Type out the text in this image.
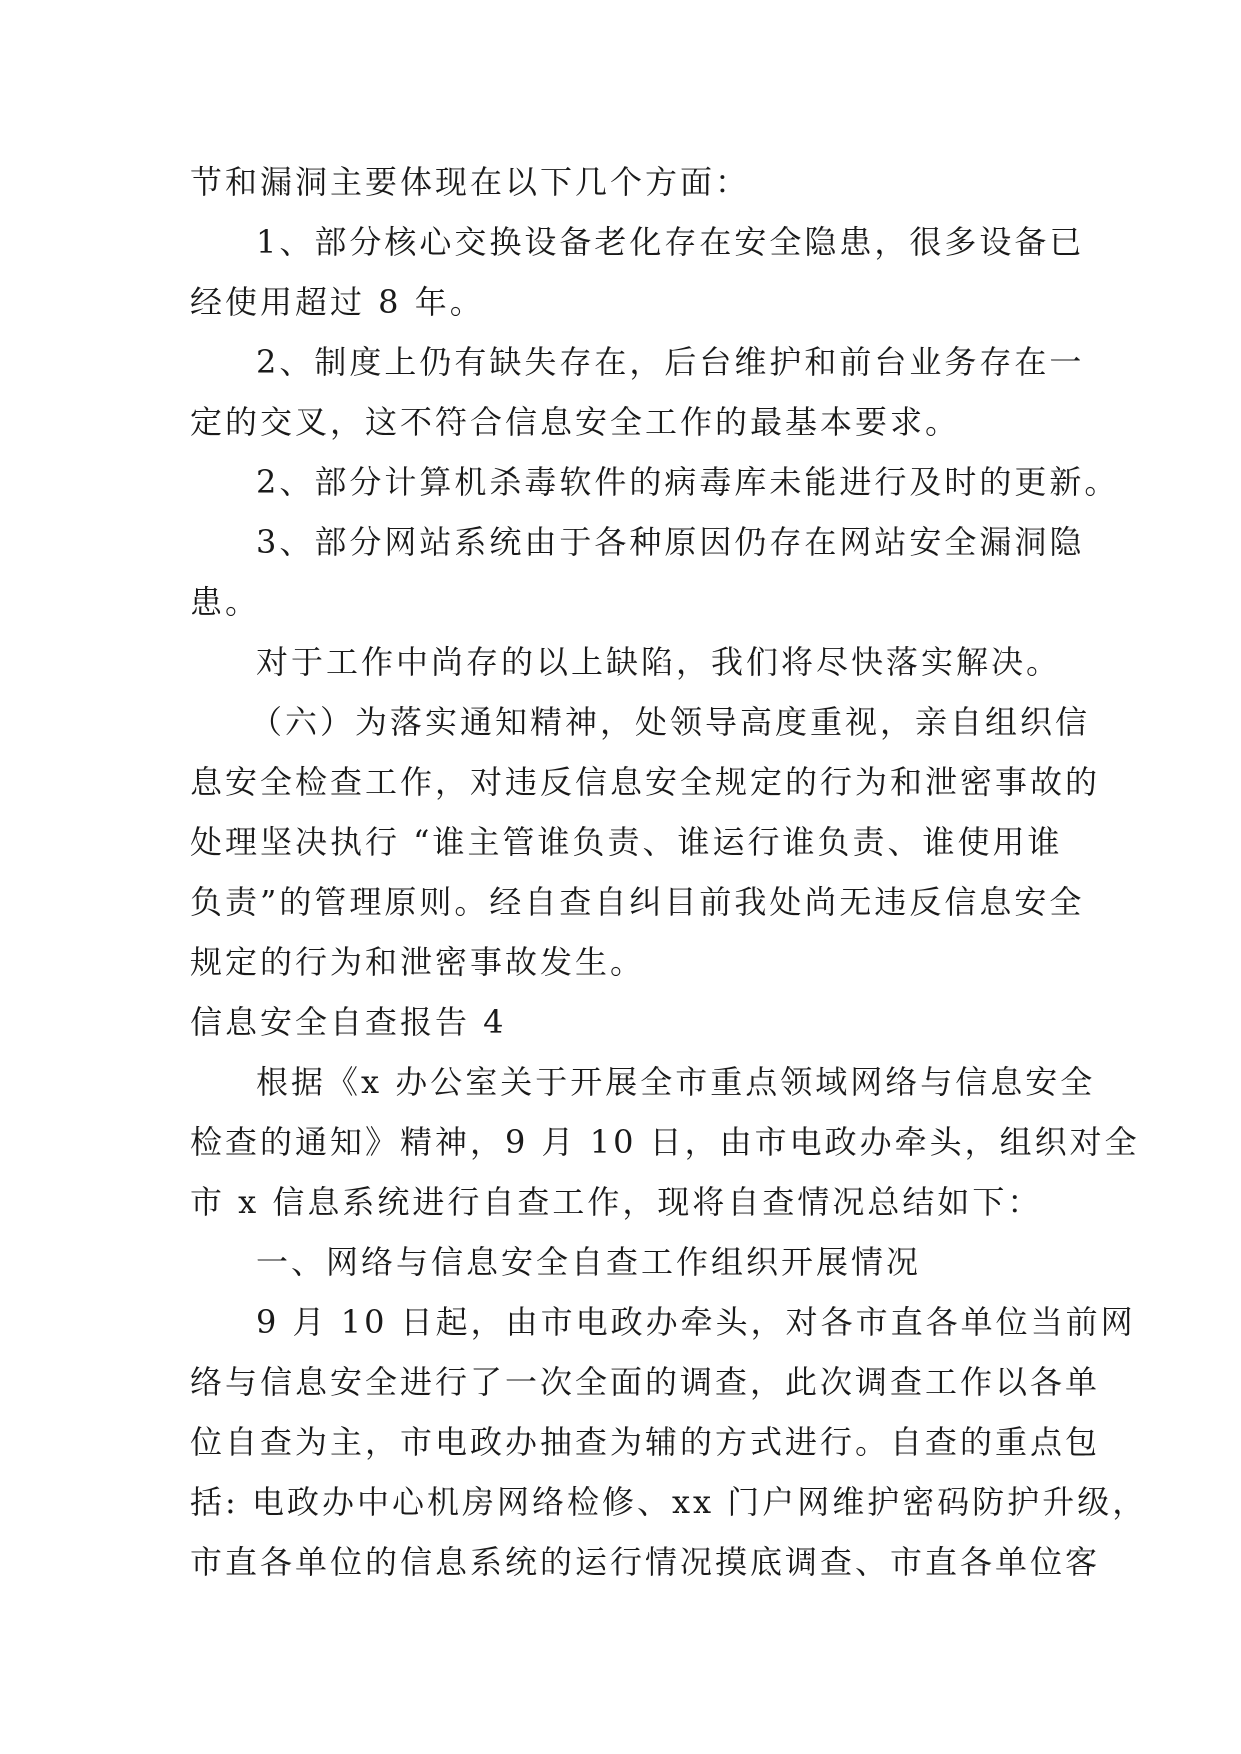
节和漏洞主要体现在以下几个方面：
1、部分核心交换设备老化存在安全隐患，很多设备已
经使用超过 8 年。
2、制度上仍有缺失存在，后台维护和前台业务存在一
定的交叉，这不符合信息安全工作的最基本要求。
2、部分计算机杀毒软件的病毒库未能进行及时的更新。
3、部分网站系统由于各种原因仍存在网站安全漏洞隐
患。
对于工作中尚存的以上缺陷，我们将尽快落实解决。
（六）为落实通知精神，处领导高度重视，亲自组织信
息安全检查工作，对违反信息安全规定的行为和泄密事故的
处理坚决执行 “谁主管谁负责、谁运行谁负责、谁使用谁
负责”的管理原则。经自查自纠目前我处尚无违反信息安全
规定的行为和泄密事故发生。
信息安全自查报告 4
根据《x 办公室关于开展全市重点领域网络与信息安全
检查的通知》精神，9 月 10 日，由市电政办牵头，组织对全
市 x 信息系统进行自查工作，现将自查情况总结如下：
一、网络与信息安全自查工作组织开展情况
9 月 10 日起，由市电政办牵头，对各市直各单位当前网
络与信息安全进行了一次全面的调查，此次调查工作以各单
位自查为主，市电政办抽查为辅的方式进行。自查的重点包
括: 电政办中心机房网络检修、xx 门户网维护密码防护升级，
市直各单位的信息系统的运行情况摸底调查、市直各单位客
